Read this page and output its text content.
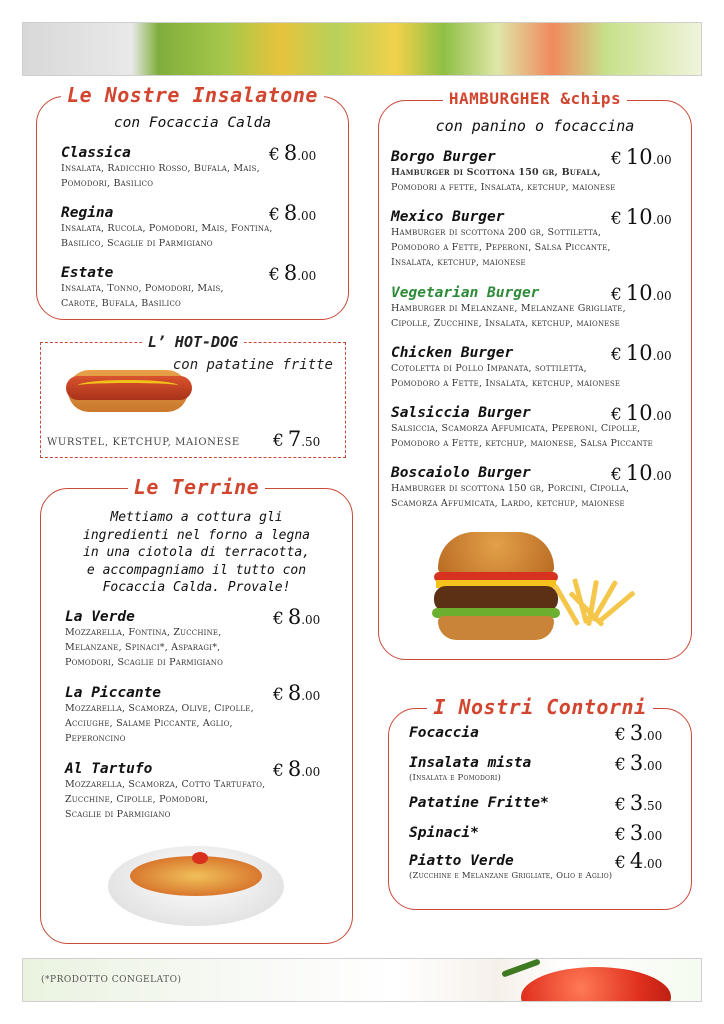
Le Nostre Insalatone
con Focaccia Calda
Classica
Insalata, Radicchio Rosso, Bufala, Mais, Pomodori, Basilico
€ 8.00
Regina
Insalata, Rucola, Pomodori, Mais, Fontina, Basilico, Scaglie di Parmigiano
€ 8.00
Estate
Insalata, Tonno, Pomodori, Mais, Carote, Bufala, Basilico
€ 8.00
L’ HOT-DOG
con patatine fritte
WURSTEL, KETCHUP, MAIONESE € 7.50
Le Terrine
Mettiamo a cottura gli
ingredienti nel forno a legna
in una ciotola di terracotta,
e accompagniamo il tutto con
Focaccia Calda. Provale!
La Verde
Mozzarella, Fontina, Zucchine,
Melanzane, Spinaci*, Asparagi*,
Pomodori, Scaglie di Parmigiano
€ 8.00
La Piccante
Mozzarella, Scamorza, Olive, Cipolle,
Acciughe, Salame Piccante, Aglio,
Peperoncino
€ 8.00
Al Tartufo
Mozzarella, Scamorza, Cotto Tartufato,
Zucchine, Cipolle, Pomodori,
Scaglie di Parmigiano
€ 8.00
HAMBURGHER &chips
con panino o focaccina
Borgo Burger
Hamburger di Scottona 150 gr, Bufala,
Pomodori a fette, Insalata, ketchup, maionese
€ 10.00
Mexico Burger
Hamburger di scottona 200 gr, Sottiletta,
Pomodoro a Fette, Peperoni, Salsa Piccante,
Insalata, ketchup, maionese
€ 10.00
Vegetarian Burger
Hamburger di Melanzane, Melanzane Grigliate,
Cipolle, Zucchine, Insalata, ketchup, maionese
€ 10.00
Chicken Burger
Cotoletta di Pollo Impanata, sottiletta,
Pomodoro a Fette, Insalata, ketchup, maionese
€ 10.00
Salsiccia Burger
Salsiccia, Scamorza Affumicata, Peperoni, Cipolle,
Pomodoro a Fette, ketchup, maionese, Salsa Piccante
€ 10.00
Boscaiolo Burger
Hamburger di scottona 150 gr, Porcini, Cipolla,
Scamorza Affumicata, Lardo, ketchup, maionese
€ 10.00
I Nostri Contorni
Focaccia	€ 3.00
Insalata mista
(Insalata e Pomodori)
€ 3.00
Patatine Fritte*	€ 3.50
Spinaci*	€ 3.00
Piatto Verde
(Zucchine e Melanzane Grigliate, Olio e Aglio)
€ 4.00
(*PRODOTTO CONGELATO)
